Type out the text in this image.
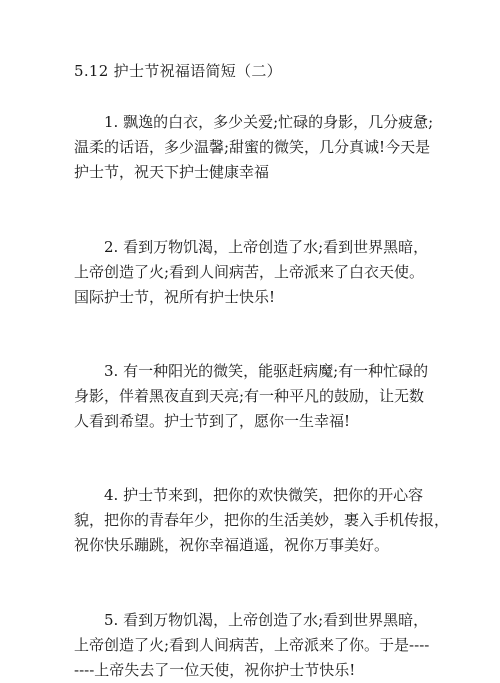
5.12 护士节祝福语简短（二）

1. 飘逸的白衣，多少关爱;忙碌的身影，几分疲惫;
温柔的话语，多少温馨;甜蜜的微笑，几分真诚!今天是
护士节，祝天下护士健康幸福

2. 看到万物饥渴，上帝创造了水;看到世界黑暗，
上帝创造了火;看到人间病苦，上帝派来了白衣天使。
国际护士节，祝所有护士快乐!

3. 有一种阳光的微笑，能驱赶病魔;有一种忙碌的
身影，伴着黑夜直到天亮;有一种平凡的鼓励，让无数
人看到希望。护士节到了，愿你一生幸福!

4. 护士节来到，把你的欢快微笑，把你的开心容
貌，把你的青春年少，把你的生活美妙，裹入手机传报，
祝你快乐蹦跳，祝你幸福逍遥，祝你万事美好。

5. 看到万物饥渴，上帝创造了水;看到世界黑暗，
上帝创造了火;看到人间病苦，上帝派来了你。于是----
----上帝失去了一位天使，祝你护士节快乐!
